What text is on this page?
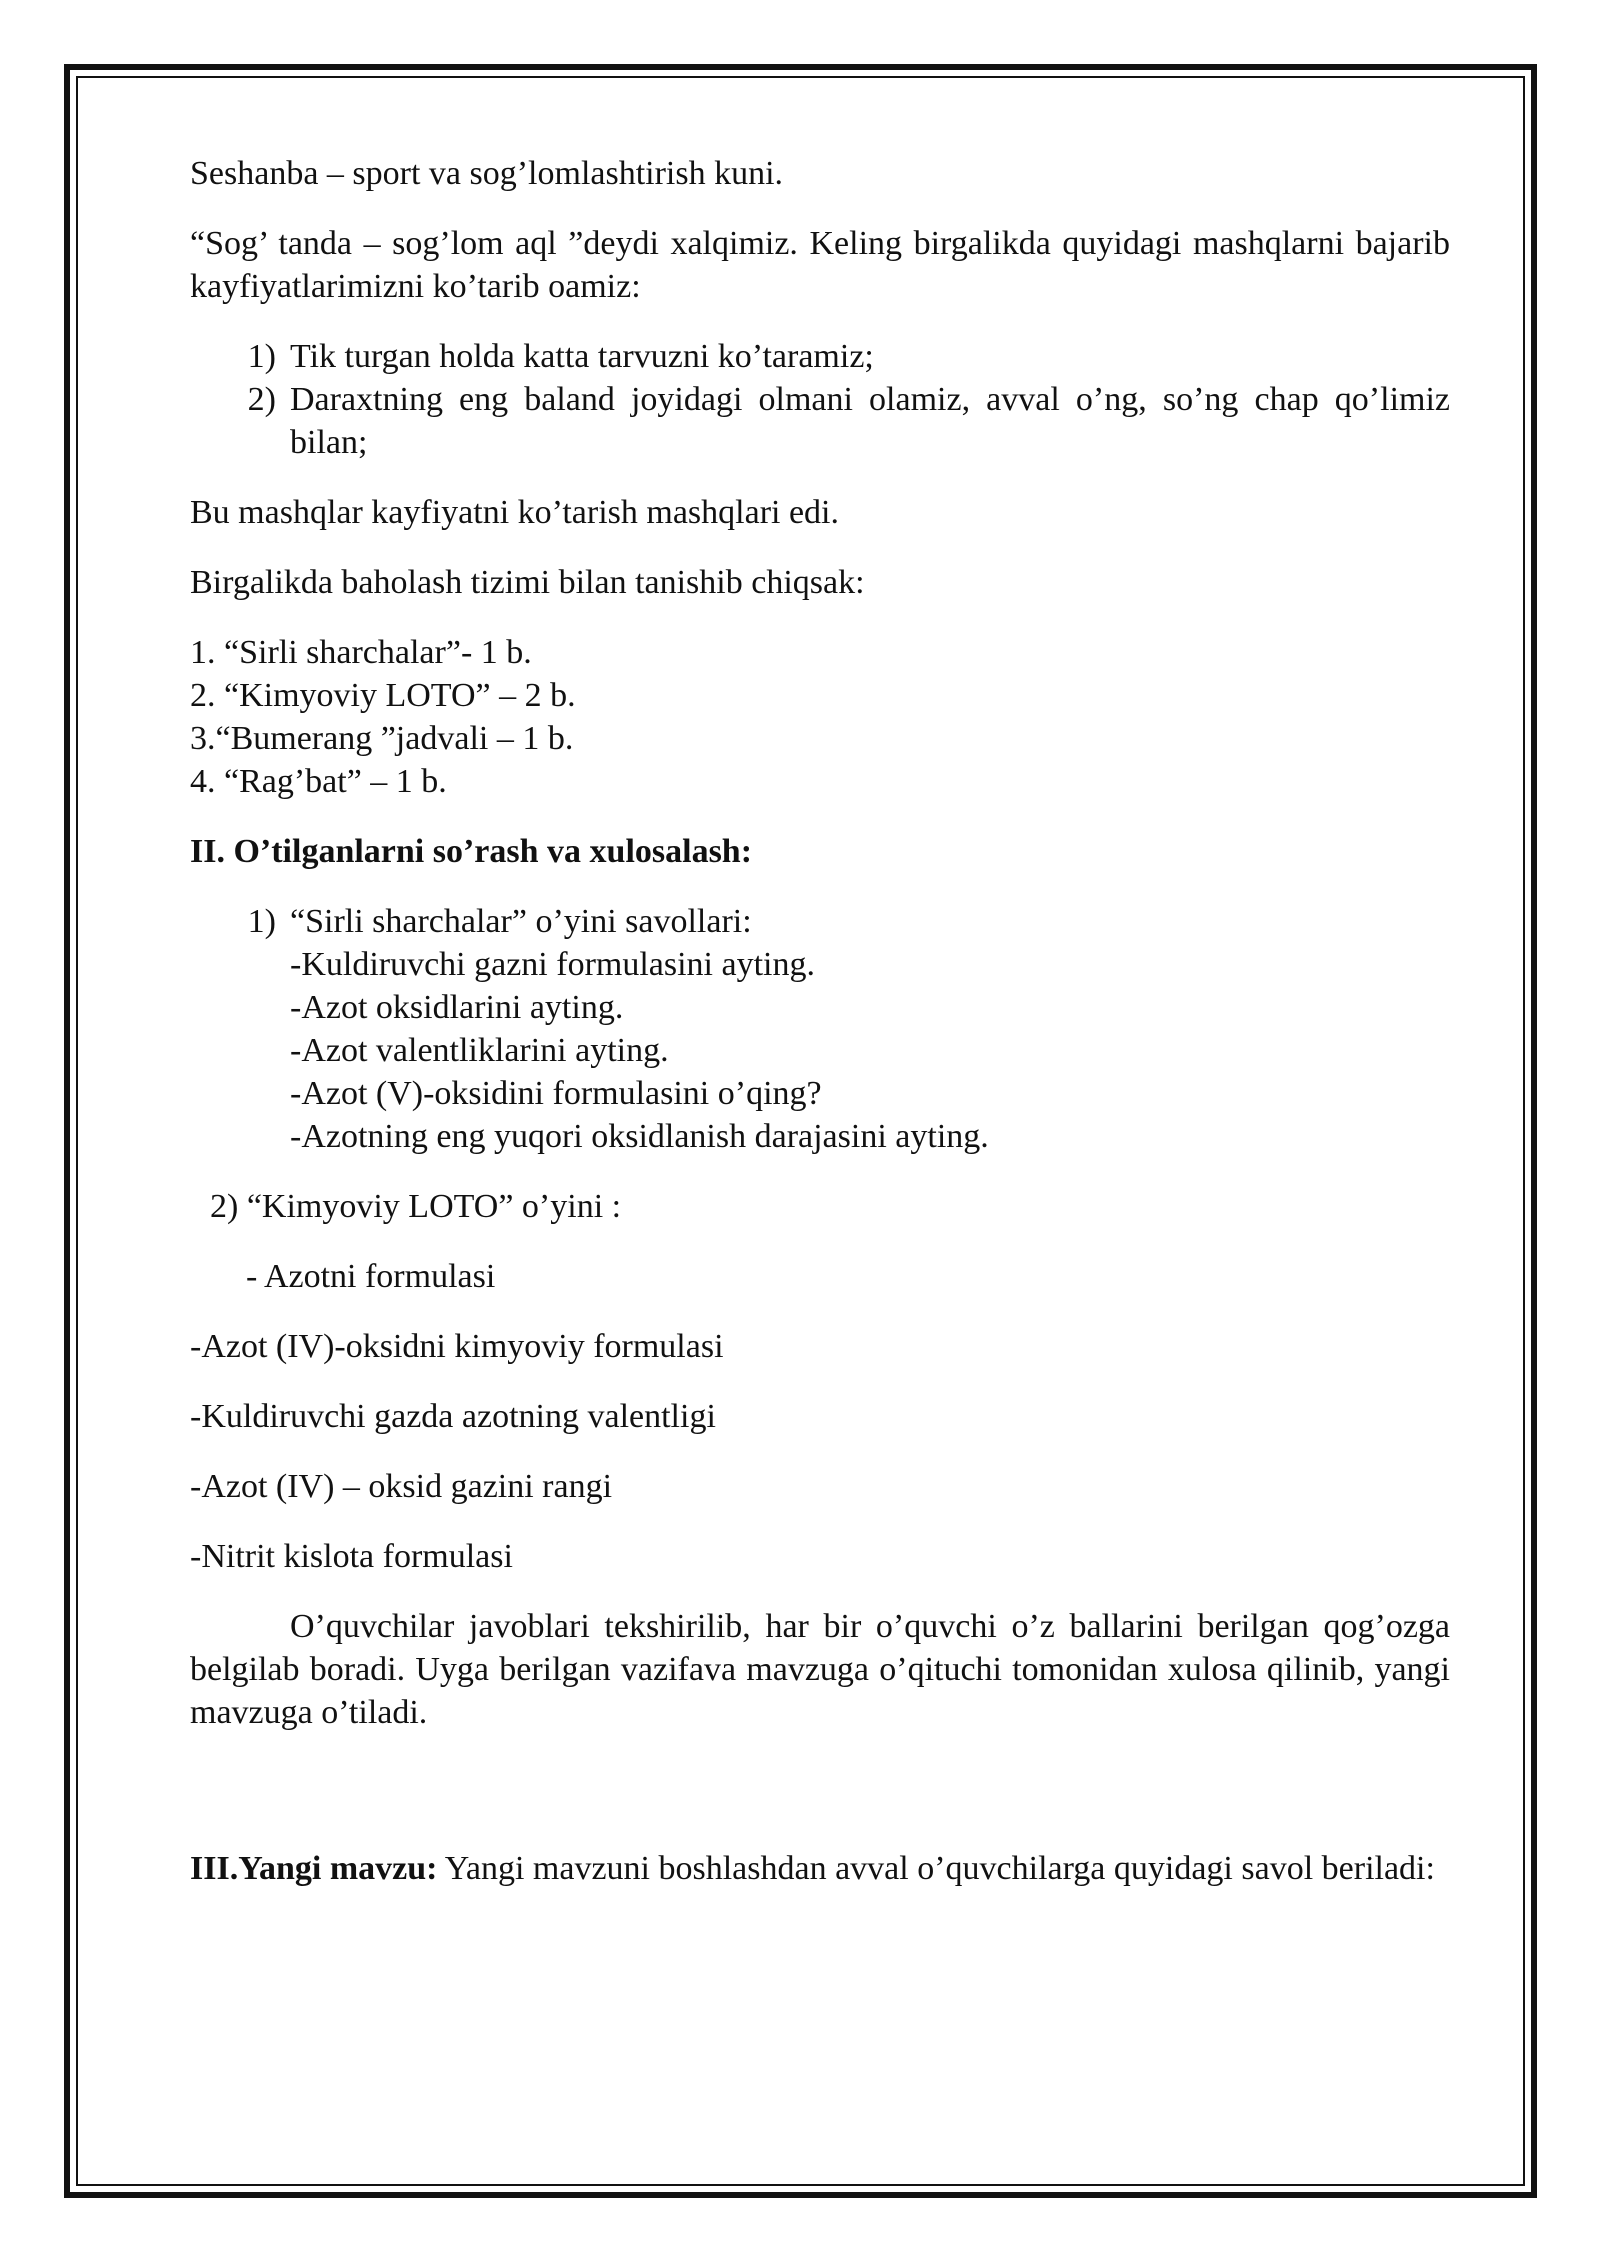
Seshanba – sport va sog’lomlashtirish kuni.

“Sog’ tanda – sog’lom aql ”deydi xalqimiz. Keling birgalikda quyidagi mashqlarni bajarib kayfiyatlarimizni ko’tarib oamiz:

1) Tik turgan holda katta tarvuzni ko’taramiz;
2) Daraxtning eng baland joyidagi olmani olamiz, avval o’ng, so’ng chap qo’limiz bilan;

Bu mashqlar kayfiyatni ko’tarish mashqlari edi.

Birgalikda baholash tizimi bilan tanishib chiqsak:

1. “Sirli sharchalar”- 1 b.
2. “Kimyoviy LOTO” – 2 b.
3.“Bumerang ”jadvali – 1 b.
4. “Rag’bat” – 1 b.

II. O’tilganlarni so’rash va xulosalash:

1) “Sirli sharchalar” o’yini savollari:
-Kuldiruvchi gazni formulasini ayting.
-Azot oksidlarini ayting.
-Azot valentliklarini ayting.
-Azot (V)-oksidini formulasini o’qing?
-Azotning eng yuqori oksidlanish darajasini ayting.

2) “Kimyoviy LOTO” o’yini :

- Azotni formulasi

-Azot (IV)-oksidni kimyoviy formulasi

-Kuldiruvchi gazda azotning valentligi

-Azot (IV) – oksid gazini rangi

-Nitrit kislota formulasi

O’quvchilar javoblari tekshirilib, har bir o’quvchi o’z ballarini berilgan qog’ozga belgilab boradi. Uyga berilgan vazifava mavzuga o’qituchi tomonidan xulosa qilinib, yangi mavzuga o’tiladi.

III.Yangi mavzu: Yangi mavzuni boshlashdan avval o’quvchilarga quyidagi savol beriladi:
